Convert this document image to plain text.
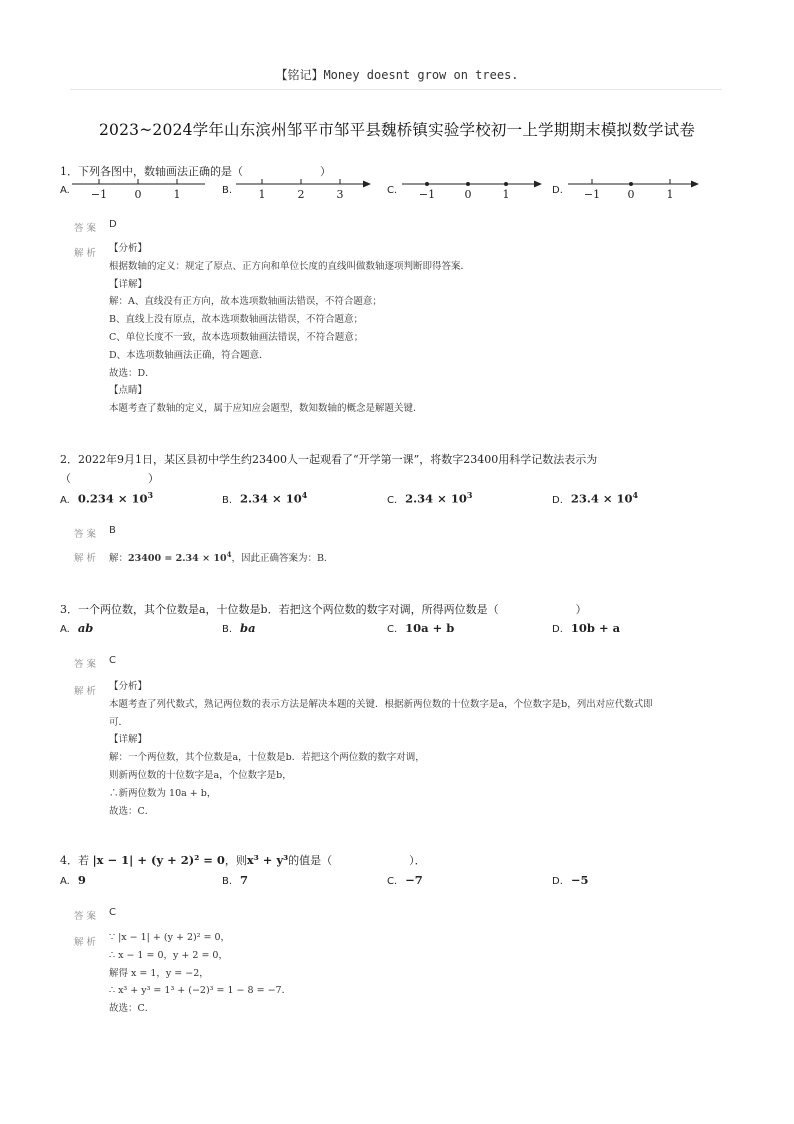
【铭记】Money doesnt grow on trees.
2023~2024学年山东滨州邹平市邹平县魏桥镇实验学校初一上学期期末模拟数学试卷
1．下列各图中，数轴画法正确的是（　　　　　　　）
A.	−1 0	1	B.	1	2	3	C.	−1	0	1	D.	−1 0	1
答案 D
解析 【分析】
根据数轴的定义：规定了原点、正方向和单位长度的直线叫做数轴逐项判断即得答案．
【详解】
解：A、直线没有正方向，故本选项数轴画法错误，不符合题意；
B、直线上没有原点，故本选项数轴画法错误，不符合题意；
C、单位长度不一致，故本选项数轴画法错误，不符合题意；
D、本选项数轴画法正确，符合题意．
故选：D．
【点睛】
本题考查了数轴的定义，属于应知应会题型，数知数轴的概念是解题关键．
2．2022年9月1日，某区县初中学生约23400人一起观看了“开学第一课”，将数字23400用科学记数法表示为
（　　　　　　　）
A. $0.234 \times 10^3$	B. $2.34 \times 10^4$	C. $2.34 \times 10^3$	D. $23.4 \times 10^4$
答案 B
解析 解：$23400 = 2.34 \times 10^4$，因此正确答案为：B．
3．一个两位数，其个位数是a，十位数是b．若把这个两位数的数字对调，所得两位数是（　　　　　　　）
A. ab	B. ba	C. 10a + b	D. 10b + a
答案 C
解析 【分析】
本题考查了列代数式，熟记两位数的表示方法是解决本题的关键．根据新两位数的十位数字是a，个位数字是b，列出对应代数式即
可．
【详解】
解：一个两位数，其个位数是a，十位数是b．若把这个两位数的数字对调，
则新两位数的十位数字是a，个位数字是b，
∴新两位数为 10a + b，
故选：C．
4．若 |x − 1| + (y + 2)² = 0，则x³ + y³的值是（　　　　　　　）．
A. 9	B. 7	C. −7	D. −5
答案 C
解析 ∵ |x − 1| + (y + 2)² = 0，
∴ x − 1 = 0，y + 2 = 0，
解得 x = 1，y = −2，
∴ x³ + y³ = 1³ + (−2)³ = 1 − 8 = −7．
故选：C．
